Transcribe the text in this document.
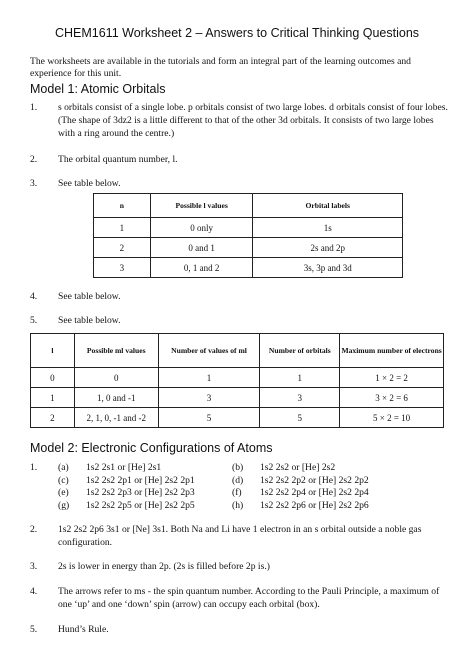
CHEM1611 Worksheet 2 – Answers to Critical Thinking Questions
The worksheets are available in the tutorials and form an integral part of the learning outcomes and experience for this unit.
Model 1: Atomic Orbitals
1.	s orbitals consist of a single lobe. p orbitals consist of two large lobes. d orbitals consist of four lobes.
(The shape of 3dz2 is a little different to that of the other 3d orbitals. It consists of two large lobes with a ring around the centre.)
2.	The orbital quantum number, l.
3.	See table below.
n	Possible l values	Orbital labels
1	0 only	1s
2	0 and 1	2s and 2p
3	0, 1 and 2	3s, 3p and 3d
4.	See table below.
5.	See table below.
l	Possible ml values	Number of values of ml	Number of orbitals	Maximum number of electrons
0	0	1	1	1 × 2 = 2
1	1, 0 and -1	3	3	3 × 2 = 6
2	2, 1, 0, -1 and -2	5	5	5 × 2 = 10
Model 2: Electronic Configurations of Atoms
1. (a) 1s2 2s1 or [He] 2s1	(b) 1s2 2s2 or [He] 2s2
(c) 1s2 2s2 2p1 or [He] 2s2 2p1	(d) 1s2 2s2 2p2 or [He] 2s2 2p2
(e) 1s2 2s2 2p3 or [He] 2s2 2p3	(f) 1s2 2s2 2p4 or [He] 2s2 2p4
(g) 1s2 2s2 2p5 or [He] 2s2 2p5	(h) 1s2 2s2 2p6 or [He] 2s2 2p6
2.	1s2 2s2 2p6 3s1 or [Ne] 3s1. Both Na and Li have 1 electron in an s orbital outside a noble gas configuration.
3.	2s is lower in energy than 2p. (2s is filled before 2p is.)
4.	The arrows refer to ms - the spin quantum number. According to the Pauli Principle, a maximum of one ‘up’ and one ‘down’ spin (arrow) can occupy each orbital (box).
5.	Hund’s Rule.
